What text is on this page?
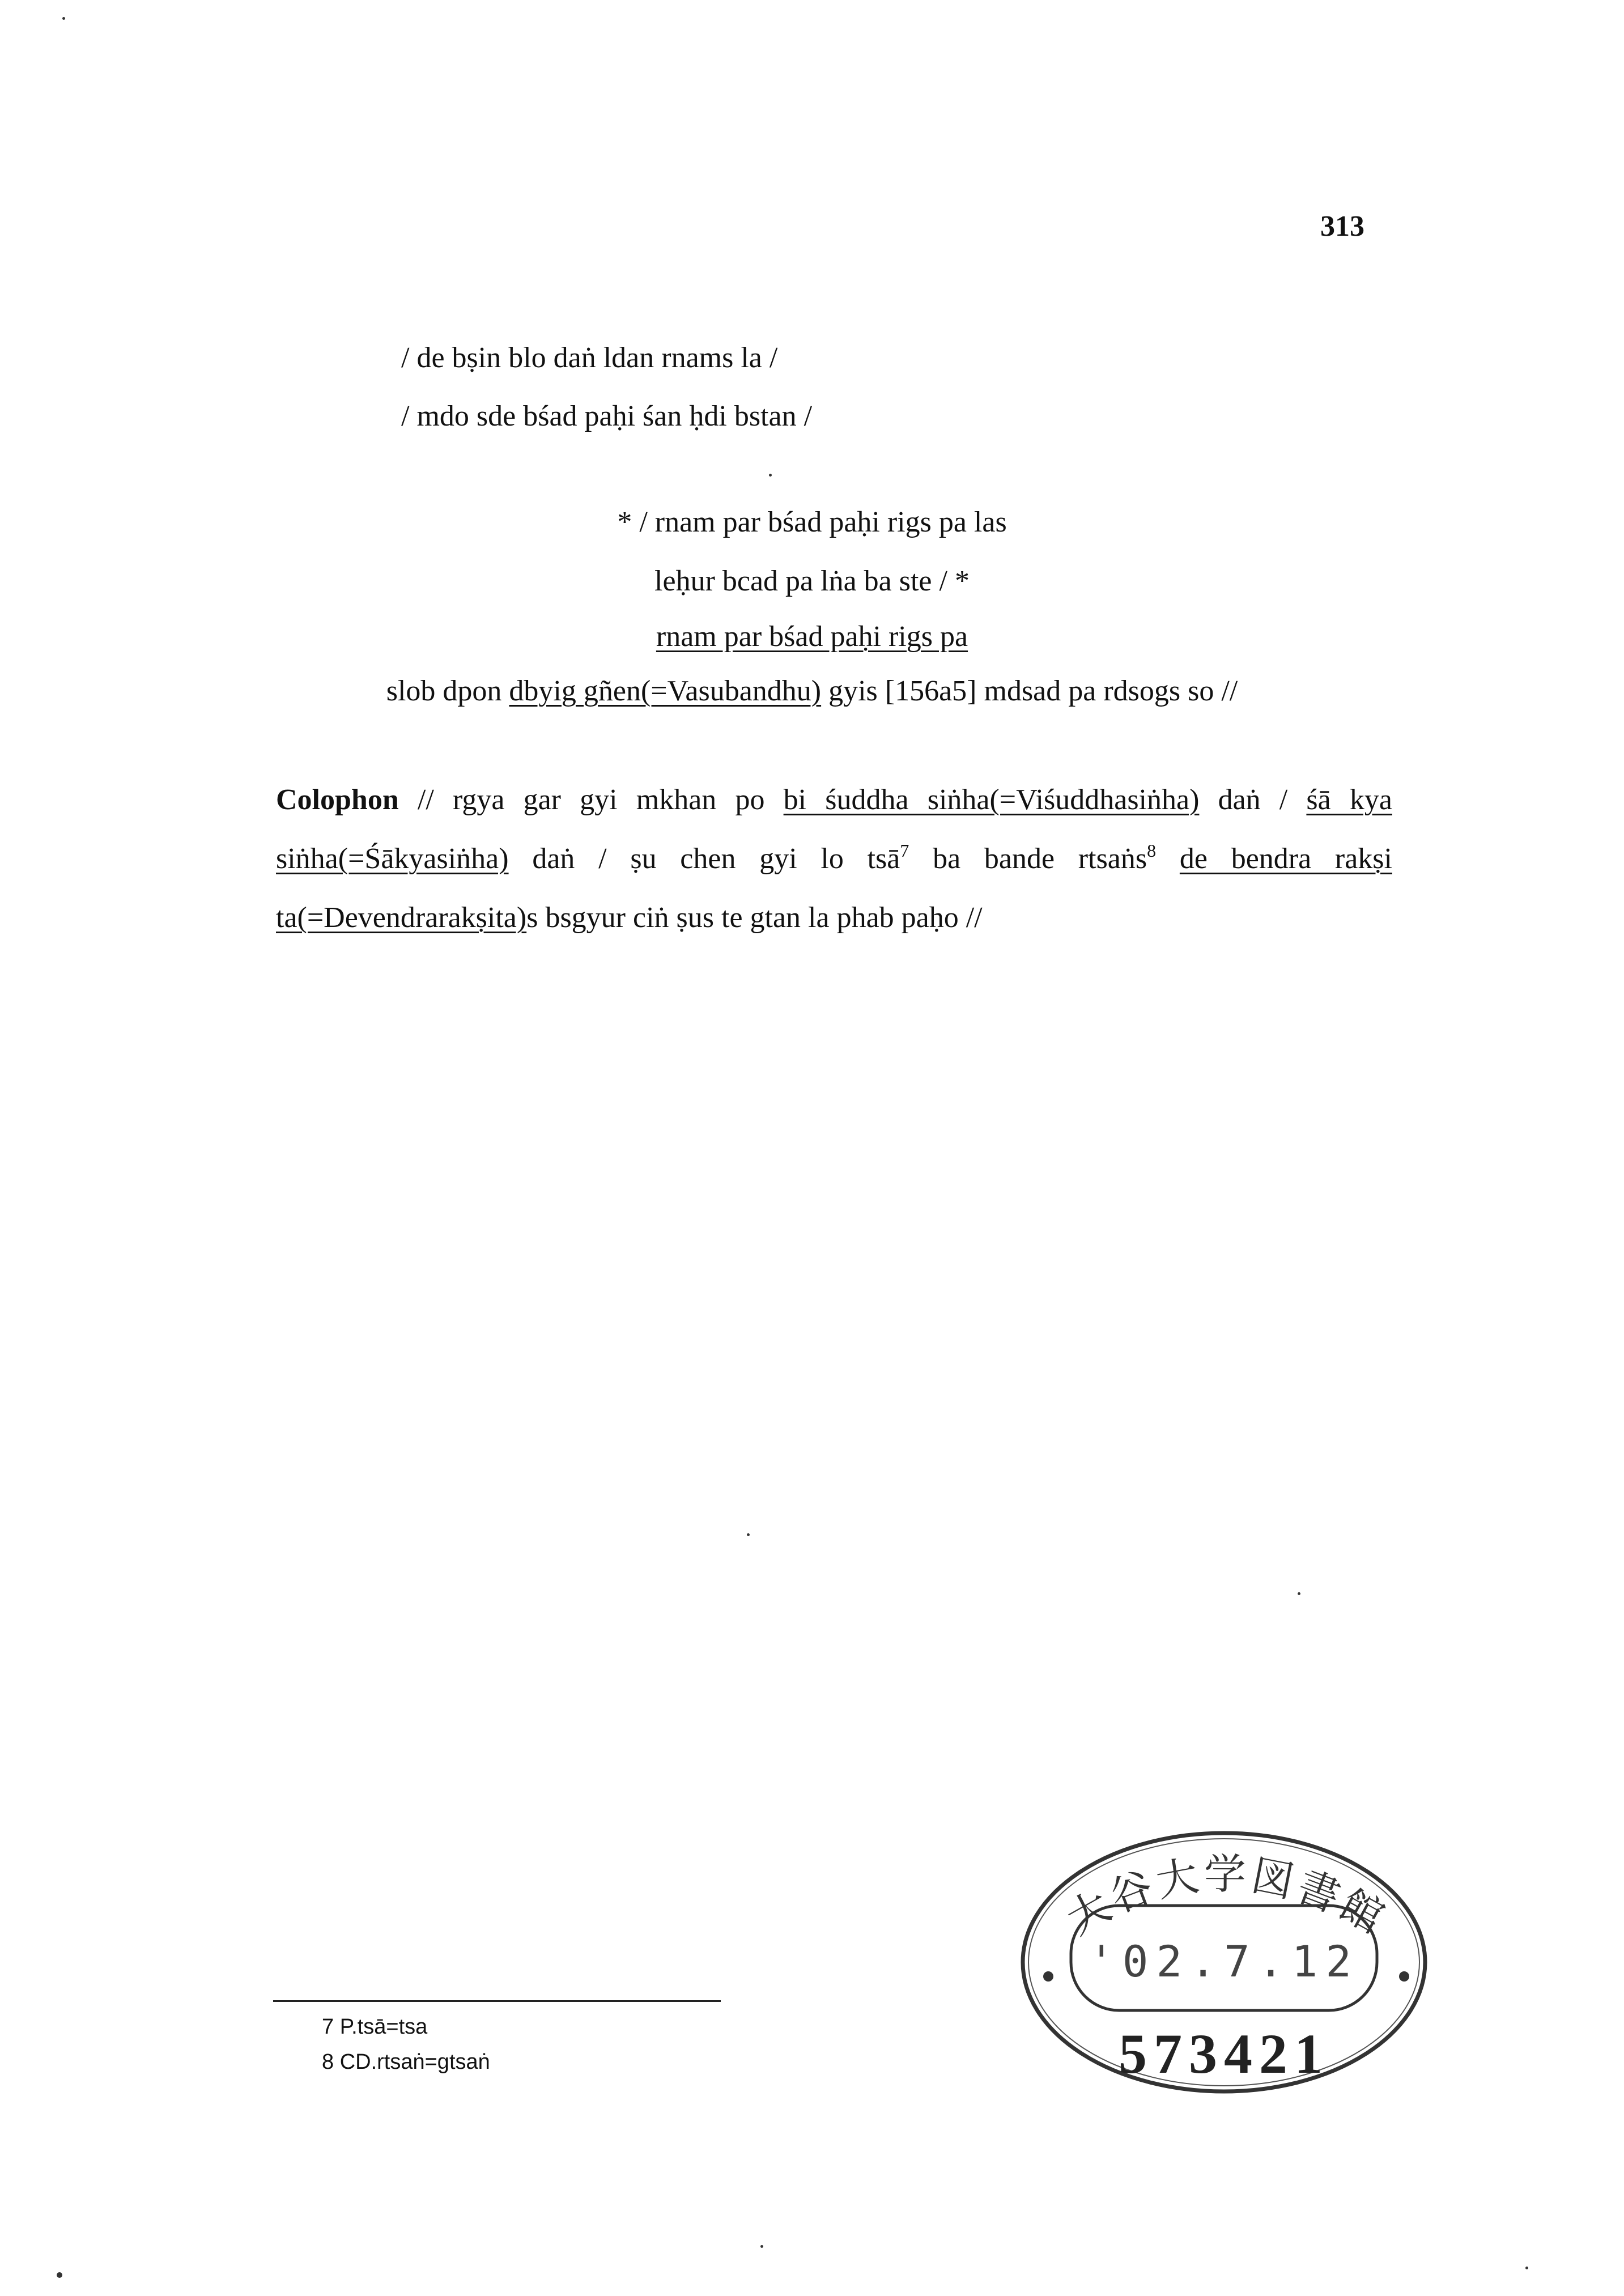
313
/ de bṣin blo daṅ ldan rnams la /
/ mdo sde bśad paḥi śan ḥdi bstan /
* / rnam par bśad paḥi rigs pa las
leḥur bcad pa lṅa ba ste / *
rnam par bśad paḥi rigs pa
slob dpon dbyig gñen(=Vasubandhu) gyis [156a5] mdsad pa rdsogs so //
Colophon // rgya gar gyi mkhan po bi śuddha siṅha(=Viśuddhasiṅha) daṅ / śā kya siṅha(=Śākyasiṅha) daṅ / ṣu chen gyi lo tsā$^7$ ba bande rtsaṅs$^8$ de bendra rakṣi ta(=Devendrarakṣita)s bsgyur ciṅ ṣus te gtan la phab paḥo //
7 P.tsā=tsa
8 CD.rtsaṅ=gtsaṅ
大谷大学図書館
'02.7.12
573421
